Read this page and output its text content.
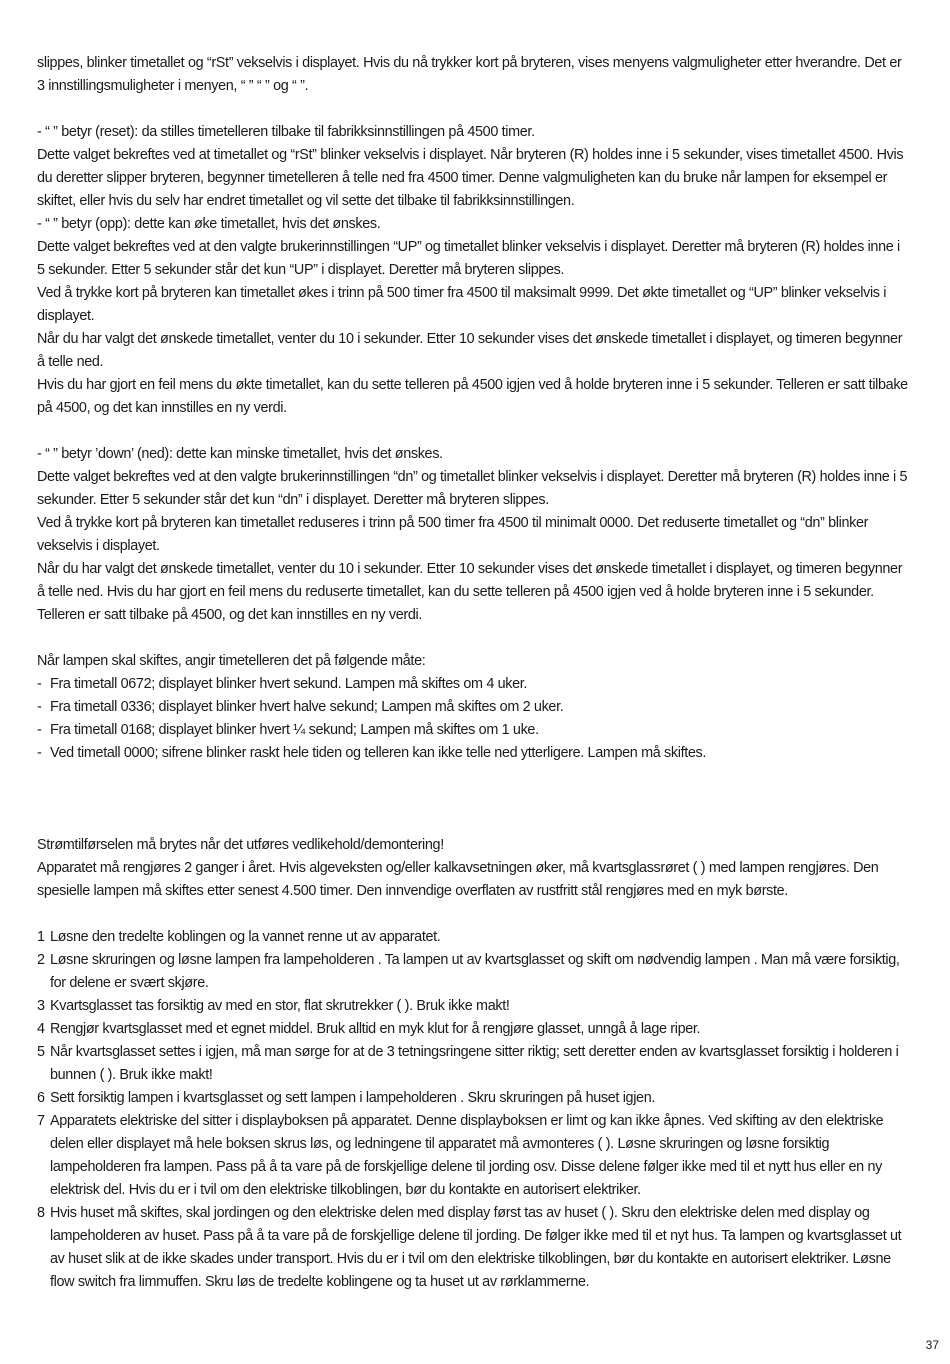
slippes, blinker timetallet og “rSt” vekselvis i displayet. Hvis du nå trykker kort på bryteren, vises menyens valgmuligheter etter hverandre. Det er 3 innstillingsmuligheter i menyen, “ ” “ ” og “ ”.

- “ ” betyr (reset): da stilles timetelleren tilbake til fabrikksinnstillingen på 4500 timer.

Dette valget bekreftes ved at timetallet og “rSt” blinker vekselvis i displayet. Når bryteren (R) holdes inne i 5 sekunder, vises timetallet 4500. Hvis du deretter slipper bryteren, begynner timetelleren å telle ned fra 4500 timer. Denne valgmuligheten kan du bruke når lampen for eksempel er skiftet, eller hvis du selv har endret timetallet og vil sette det tilbake til fabrikksinnstillingen.

- “ ” betyr (opp): dette kan øke timetallet, hvis det ønskes.

Dette valget bekreftes ved at den valgte brukerinnstillingen “UP” og timetallet blinker vekselvis i displayet. Deretter må bryteren (R) holdes inne i 5 sekunder. Etter 5 sekunder står det kun “UP” i displayet. Deretter må bryteren slippes.

Ved å trykke kort på bryteren kan timetallet økes i trinn på 500 timer fra 4500 til maksimalt 9999. Det økte timetallet og “UP” blinker vekselvis i displayet.

Når du har valgt det ønskede timetallet, venter du 10 i sekunder. Etter 10 sekunder vises det ønskede timetallet i displayet, og timeren begynner å telle ned.

Hvis du har gjort en feil mens du økte timetallet, kan du sette telleren på 4500 igjen ved å holde bryteren inne i 5 sekunder. Telleren er satt tilbake på 4500, og det kan innstilles en ny verdi.

- “ ” betyr ’down’ (ned): dette kan minske timetallet, hvis det ønskes.

Dette valget bekreftes ved at den valgte brukerinnstillingen “dn” og timetallet blinker vekselvis i displayet. Deretter må bryteren (R) holdes inne i 5 sekunder. Etter 5 sekunder står det kun “dn” i displayet. Deretter må bryteren slippes.

Ved å trykke kort på bryteren kan timetallet reduseres i trinn på 500 timer fra 4500 til minimalt 0000. Det reduserte timetallet og “dn” blinker vekselvis i displayet.

Når du har valgt det ønskede timetallet, venter du 10 i sekunder. Etter 10 sekunder vises det ønskede timetallet i displayet, og timeren begynner å telle ned. Hvis du har gjort en feil mens du reduserte timetallet, kan du sette telleren på 4500 igjen ved å holde bryteren inne i 5 sekunder. Telleren er satt tilbake på 4500, og det kan innstilles en ny verdi.

Når lampen skal skiftes, angir timetelleren det på følgende måte:

- Fra timetall 0672; displayet blinker hvert sekund. Lampen må skiftes om 4 uker.
- Fra timetall 0336; displayet blinker hvert halve sekund; Lampen må skiftes om 2 uker.
- Fra timetall 0168; displayet blinker hvert ¼ sekund; Lampen må skiftes om 1 uke.
- Ved timetall 0000; sifrene blinker raskt hele tiden og telleren kan ikke telle ned ytterligere. Lampen må skiftes.

Strømtilførselen må brytes når det utføres vedlikehold/demontering!

Apparatet må rengjøres 2 ganger i året. Hvis algeveksten og/eller kalkavsetningen øker, må kvartsglassrøret ( ) med lampen rengjøres. Den spesielle lampen må skiftes etter senest 4.500 timer. Den innvendige overflaten av rustfritt stål rengjøres med en myk børste.

1 Løsne den tredelte koblingen og la vannet renne ut av apparatet.
2 Løsne skruringen og løsne lampen fra lampeholderen . Ta lampen ut av kvartsglasset og skift om nødvendig lampen . Man må være forsiktig, for delene er svært skjøre.
3 Kvartsglasset tas forsiktig av med en stor, flat skrutrekker ( ). Bruk ikke makt!
4 Rengjør kvartsglasset med et egnet middel. Bruk alltid en myk klut for å rengjøre glasset, unngå å lage riper.
5 Når kvartsglasset settes i igjen, må man sørge for at de 3 tetningsringene sitter riktig; sett deretter enden av kvartsglasset forsiktig i holderen i bunnen ( ). Bruk ikke makt!
6 Sett forsiktig lampen i kvartsglasset og sett lampen i lampeholderen . Skru skruringen på huset igjen.
7 Apparatets elektriske del sitter i displayboksen på apparatet. Denne displayboksen er limt og kan ikke åpnes. Ved skifting av den elektriske delen eller displayet må hele boksen skrus løs, og ledningene til apparatet må avmonteres ( ). Løsne skruringen og løsne forsiktig lampeholderen fra lampen. Pass på å ta vare på de forskjellige delene til jording osv. Disse delene følger ikke med til et nytt hus eller en ny elektrisk del. Hvis du er i tvil om den elektriske tilkoblingen, bør du kontakte en autorisert elektriker.
8 Hvis huset må skiftes, skal jordingen og den elektriske delen med display først tas av huset ( ). Skru den elektriske delen med display og lampeholderen av huset. Pass på å ta vare på de forskjellige delene til jording. De følger ikke med til et nyt hus. Ta lampen og kvartsglasset ut av huset slik at de ikke skades under transport. Hvis du er i tvil om den elektriske tilkoblingen, bør du kontakte en autorisert elektriker. Løsne flow switch fra limmuffen. Skru løs de tredelte koblingene og ta huset ut av rørklammerne.
37
